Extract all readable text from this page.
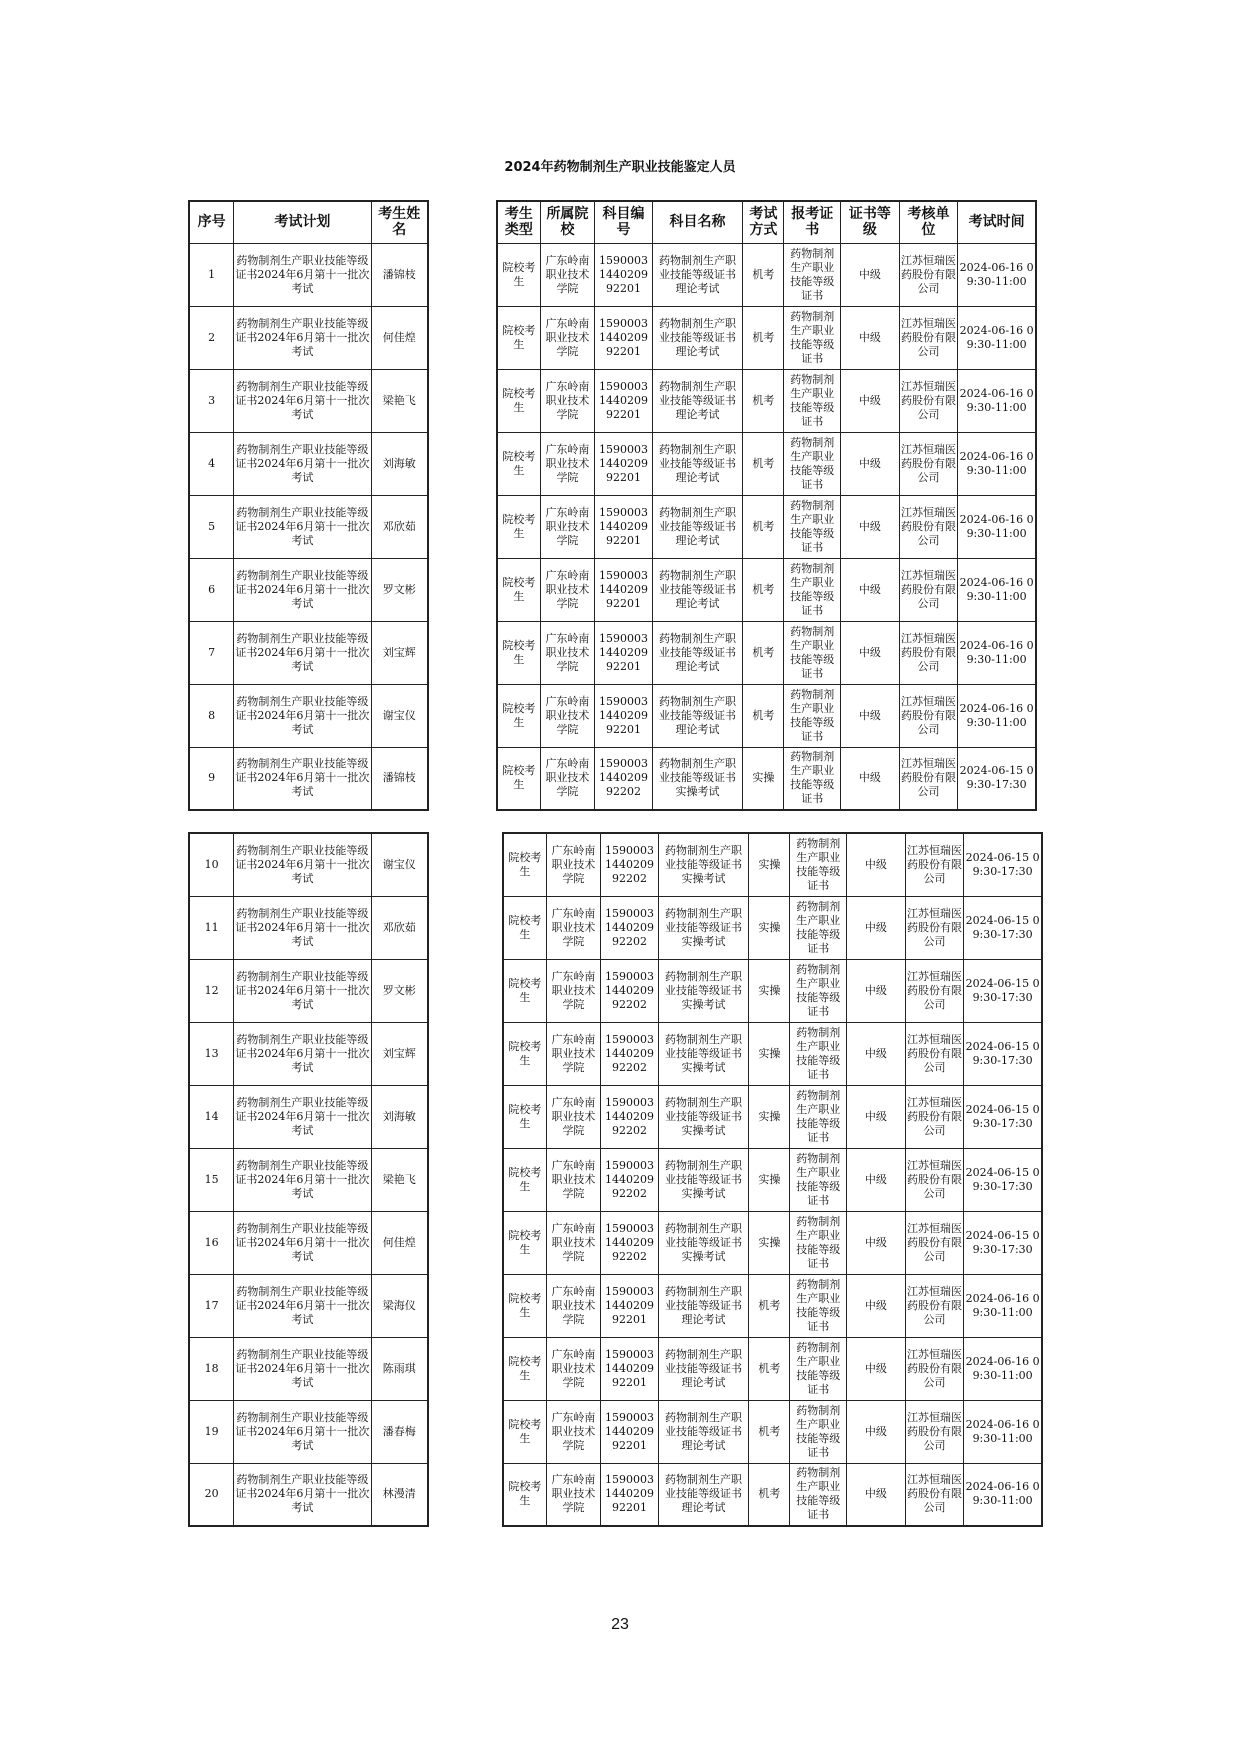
2024年药物制剂生产职业技能鉴定人员
序号	考试计划	考生姓名
1	药物制剂生产职业技能等级证书2024年6月第十一批次考试	潘锦枝
2	药物制剂生产职业技能等级证书2024年6月第十一批次考试	何佳煌
3	药物制剂生产职业技能等级证书2024年6月第十一批次考试	梁艳飞
4	药物制剂生产职业技能等级证书2024年6月第十一批次考试	刘海敏
5	药物制剂生产职业技能等级证书2024年6月第十一批次考试	邓欣茹
6	药物制剂生产职业技能等级证书2024年6月第十一批次考试	罗文彬
7	药物制剂生产职业技能等级证书2024年6月第十一批次考试	刘宝辉
8	药物制剂生产职业技能等级证书2024年6月第十一批次考试	谢宝仪
9	药物制剂生产职业技能等级证书2024年6月第十一批次考试	潘锦枝
考生类型	所属院校	科目编号	科目名称	考试方式	报考证书	证书等级	考核单位	考试时间
院校考生	广东岭南职业技术学院	1590003144020992201	药物制剂生产职业技能等级证书理论考试	机考	药物制剂生产职业技能等级证书	中级	江苏恒瑞医药股份有限公司	2024-06-16 09:30-11:00
院校考生	广东岭南职业技术学院	1590003144020992201	药物制剂生产职业技能等级证书理论考试	机考	药物制剂生产职业技能等级证书	中级	江苏恒瑞医药股份有限公司	2024-06-16 09:30-11:00
院校考生	广东岭南职业技术学院	1590003144020992201	药物制剂生产职业技能等级证书理论考试	机考	药物制剂生产职业技能等级证书	中级	江苏恒瑞医药股份有限公司	2024-06-16 09:30-11:00
院校考生	广东岭南职业技术学院	1590003144020992201	药物制剂生产职业技能等级证书理论考试	机考	药物制剂生产职业技能等级证书	中级	江苏恒瑞医药股份有限公司	2024-06-16 09:30-11:00
院校考生	广东岭南职业技术学院	1590003144020992201	药物制剂生产职业技能等级证书理论考试	机考	药物制剂生产职业技能等级证书	中级	江苏恒瑞医药股份有限公司	2024-06-16 09:30-11:00
院校考生	广东岭南职业技术学院	1590003144020992201	药物制剂生产职业技能等级证书理论考试	机考	药物制剂生产职业技能等级证书	中级	江苏恒瑞医药股份有限公司	2024-06-16 09:30-11:00
院校考生	广东岭南职业技术学院	1590003144020992201	药物制剂生产职业技能等级证书理论考试	机考	药物制剂生产职业技能等级证书	中级	江苏恒瑞医药股份有限公司	2024-06-16 09:30-11:00
院校考生	广东岭南职业技术学院	1590003144020992201	药物制剂生产职业技能等级证书理论考试	机考	药物制剂生产职业技能等级证书	中级	江苏恒瑞医药股份有限公司	2024-06-16 09:30-11:00
院校考生	广东岭南职业技术学院	1590003144020992202	药物制剂生产职业技能等级证书实操考试	实操	药物制剂生产职业技能等级证书	中级	江苏恒瑞医药股份有限公司	2024-06-15 09:30-17:30
10	药物制剂生产职业技能等级证书2024年6月第十一批次考试	谢宝仪
11	药物制剂生产职业技能等级证书2024年6月第十一批次考试	邓欣茹
12	药物制剂生产职业技能等级证书2024年6月第十一批次考试	罗文彬
13	药物制剂生产职业技能等级证书2024年6月第十一批次考试	刘宝辉
14	药物制剂生产职业技能等级证书2024年6月第十一批次考试	刘海敏
15	药物制剂生产职业技能等级证书2024年6月第十一批次考试	梁艳飞
16	药物制剂生产职业技能等级证书2024年6月第十一批次考试	何佳煌
17	药物制剂生产职业技能等级证书2024年6月第十一批次考试	梁海仪
18	药物制剂生产职业技能等级证书2024年6月第十一批次考试	陈雨琪
19	药物制剂生产职业技能等级证书2024年6月第十一批次考试	潘春梅
20	药物制剂生产职业技能等级证书2024年6月第十一批次考试	林漫清
院校考生	广东岭南职业技术学院	1590003144020992202	药物制剂生产职业技能等级证书实操考试	实操	药物制剂生产职业技能等级证书	中级	江苏恒瑞医药股份有限公司	2024-06-15 09:30-17:30
院校考生	广东岭南职业技术学院	1590003144020992202	药物制剂生产职业技能等级证书实操考试	实操	药物制剂生产职业技能等级证书	中级	江苏恒瑞医药股份有限公司	2024-06-15 09:30-17:30
院校考生	广东岭南职业技术学院	1590003144020992202	药物制剂生产职业技能等级证书实操考试	实操	药物制剂生产职业技能等级证书	中级	江苏恒瑞医药股份有限公司	2024-06-15 09:30-17:30
院校考生	广东岭南职业技术学院	1590003144020992202	药物制剂生产职业技能等级证书实操考试	实操	药物制剂生产职业技能等级证书	中级	江苏恒瑞医药股份有限公司	2024-06-15 09:30-17:30
院校考生	广东岭南职业技术学院	1590003144020992202	药物制剂生产职业技能等级证书实操考试	实操	药物制剂生产职业技能等级证书	中级	江苏恒瑞医药股份有限公司	2024-06-15 09:30-17:30
院校考生	广东岭南职业技术学院	1590003144020992202	药物制剂生产职业技能等级证书实操考试	实操	药物制剂生产职业技能等级证书	中级	江苏恒瑞医药股份有限公司	2024-06-15 09:30-17:30
院校考生	广东岭南职业技术学院	1590003144020992202	药物制剂生产职业技能等级证书实操考试	实操	药物制剂生产职业技能等级证书	中级	江苏恒瑞医药股份有限公司	2024-06-15 09:30-17:30
院校考生	广东岭南职业技术学院	1590003144020992201	药物制剂生产职业技能等级证书理论考试	机考	药物制剂生产职业技能等级证书	中级	江苏恒瑞医药股份有限公司	2024-06-16 09:30-11:00
院校考生	广东岭南职业技术学院	1590003144020992201	药物制剂生产职业技能等级证书理论考试	机考	药物制剂生产职业技能等级证书	中级	江苏恒瑞医药股份有限公司	2024-06-16 09:30-11:00
院校考生	广东岭南职业技术学院	1590003144020992201	药物制剂生产职业技能等级证书理论考试	机考	药物制剂生产职业技能等级证书	中级	江苏恒瑞医药股份有限公司	2024-06-16 09:30-11:00
院校考生	广东岭南职业技术学院	1590003144020992201	药物制剂生产职业技能等级证书理论考试	机考	药物制剂生产职业技能等级证书	中级	江苏恒瑞医药股份有限公司	2024-06-16 09:30-11:00
23
